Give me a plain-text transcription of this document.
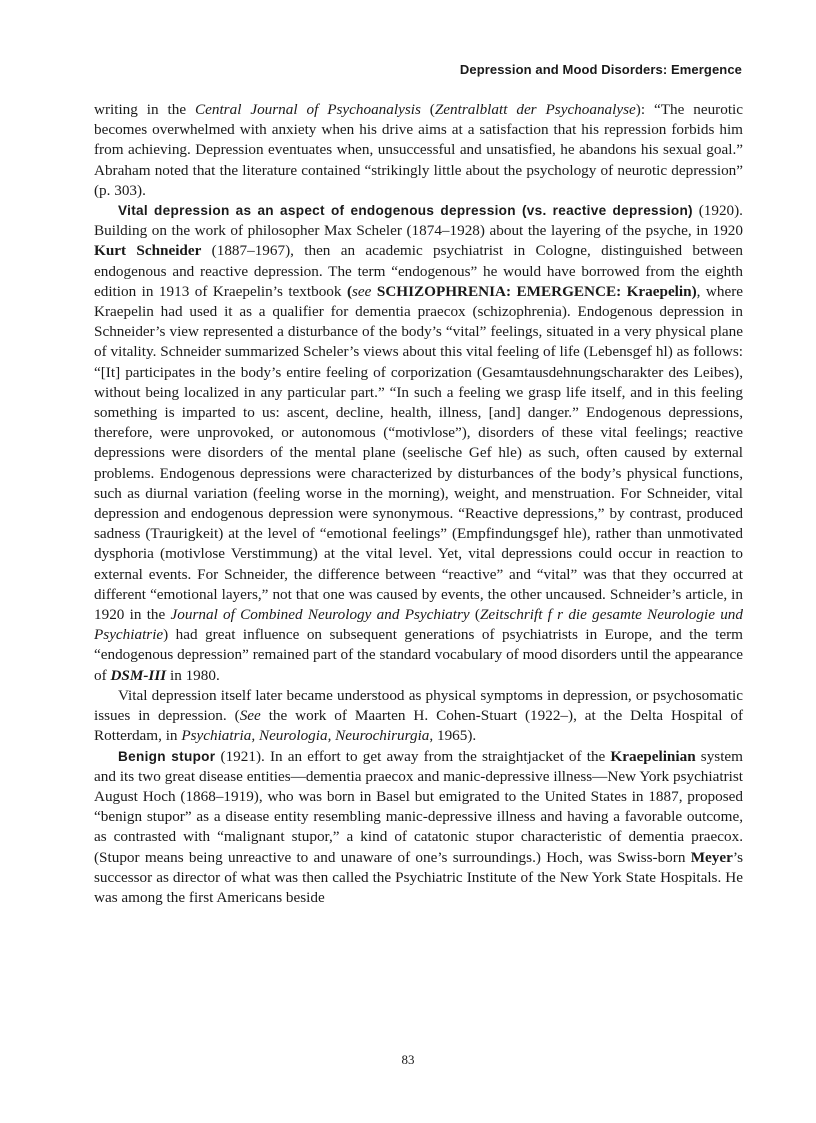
Depression and Mood Disorders: Emergence

writing in the Central Journal of Psychoanalysis (Zentralblatt der Psychoanalyse): “The neurotic becomes overwhelmed with anxiety when his drive aims at a satisfaction that his repression forbids him from achieving. Depression eventuates when, unsuccessful and unsatisfied, he abandons his sexual goal.” Abraham noted that the literature contained “strikingly little about the psychology of neurotic depression” (p. 303).

Vital depression as an aspect of endogenous depression (vs. reactive depression) (1920). Building on the work of philosopher Max Scheler (1874–1928) about the layering of the psyche, in 1920 Kurt Schneider (1887–1967), then an academic psychiatrist in Cologne, distinguished between endogenous and reactive depression. The term “endogenous” he would have borrowed from the eighth edition in 1913 of Kraepelin’s textbook (see SCHIZOPHRENIA: EMERGENCE: Kraepelin), where Kraepelin had used it as a qualifier for dementia praecox (schizophrenia). Endogenous depression in Schneider’s view represented a disturbance of the body’s “vital” feelings, situated in a very physical plane of vitality. Schneider summarized Scheler’s views about this vital feeling of life (Lebensgef hl) as follows: “[It] participates in the body’s entire feeling of corporization (Gesamtausdehnungscharakter des Leibes), without being localized in any particular part.” “In such a feeling we grasp life itself, and in this feeling something is imparted to us: ascent, decline, health, illness, [and] danger.” Endogenous depressions, therefore, were unprovoked, or autonomous (“motivlose”), disorders of these vital feelings; reactive depressions were disorders of the mental plane (seelische Gef hle) as such, often caused by external problems. Endogenous depressions were characterized by disturbances of the body’s physical functions, such as diurnal variation (feeling worse in the morning), weight, and menstruation. For Schneider, vital depression and endogenous depression were synonymous. “Reactive depressions,” by contrast, produced sadness (Traurigkeit) at the level of “emotional feelings” (Empfindungsgef hle), rather than unmotivated dysphoria (motivlose Verstimmung) at the vital level. Yet, vital depressions could occur in reaction to external events. For Schneider, the difference between “reactive” and “vital” was that they occurred at different “emotional layers,” not that one was caused by events, the other uncaused. Schneider’s article, in 1920 in the Journal of Combined Neurology and Psychiatry (Zeitschrift f r die gesamte Neurologie und Psychiatrie) had great influence on subsequent generations of psychiatrists in Europe, and the term “endogenous depression” remained part of the standard vocabulary of mood disorders until the appearance of DSM-III in 1980.

Vital depression itself later became understood as physical symptoms in depression, or psychosomatic issues in depression. (See the work of Maarten H. Cohen-Stuart (1922–), at the Delta Hospital of Rotterdam, in Psychiatria, Neurologia, Neurochirurgia, 1965).

Benign stupor (1921). In an effort to get away from the straightjacket of the Kraepelinian system and its two great disease entities—dementia praecox and manic-depressive illness—New York psychiatrist August Hoch (1868–1919), who was born in Basel but emigrated to the United States in 1887, proposed “benign stupor” as a disease entity resembling manic-depressive illness and having a favorable outcome, as contrasted with “malignant stupor,” a kind of catatonic stupor characteristic of dementia praecox. (Stupor means being unreactive to and unaware of one’s surroundings.) Hoch, was Swiss-born Meyer’s successor as director of what was then called the Psychiatric Institute of the New York State Hospitals. He was among the first Americans beside

83
